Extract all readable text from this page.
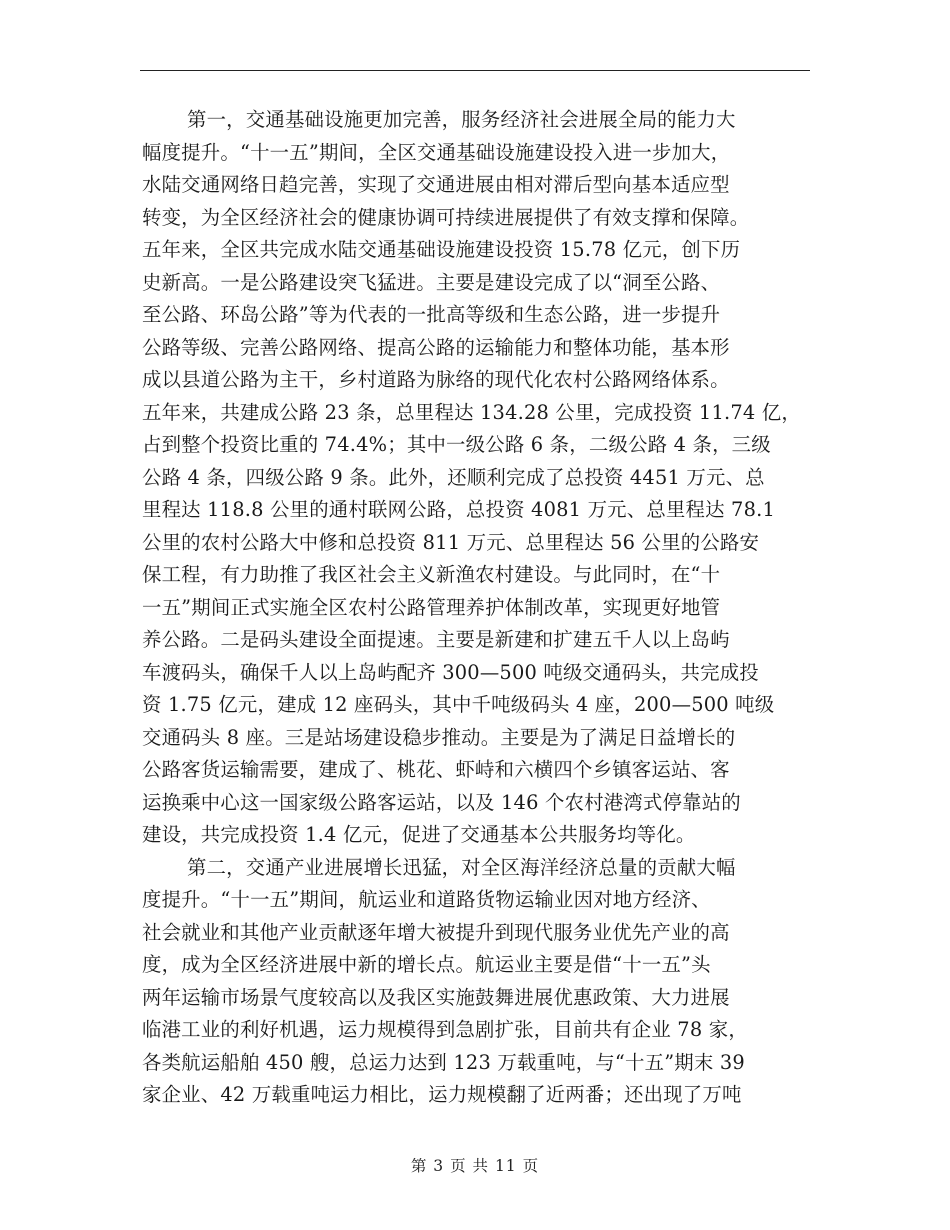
第一，交通基础设施更加完善，服务经济社会进展全局的能力大
幅度提升。“十一五”期间，全区交通基础设施建设投入进一步加大，
水陆交通网络日趋完善，实现了交通进展由相对滞后型向基本适应型
转变，为全区经济社会的健康协调可持续进展提供了有效支撑和保障。
五年来，全区共完成水陆交通基础设施建设投资 15.78 亿元，创下历
史新高。一是公路建设突飞猛进。主要是建设完成了以“洞至公路、
至公路、环岛公路”等为代表的一批高等级和生态公路，进一步提升
公路等级、完善公路网络、提高公路的运输能力和整体功能，基本形
成以县道公路为主干，乡村道路为脉络的现代化农村公路网络体系。
五年来，共建成公路 23 条，总里程达 134.28 公里，完成投资 11.74 亿，
占到整个投资比重的 74.4%；其中一级公路 6 条，二级公路 4 条，三级
公路 4 条，四级公路 9 条。此外，还顺利完成了总投资 4451 万元、总
里程达 118.8 公里的通村联网公路，总投资 4081 万元、总里程达 78.1
公里的农村公路大中修和总投资 811 万元、总里程达 56 公里的公路安
保工程，有力助推了我区社会主义新渔农村建设。与此同时，在“十
一五”期间正式实施全区农村公路管理养护体制改革，实现更好地管
养公路。二是码头建设全面提速。主要是新建和扩建五千人以上岛屿
车渡码头，确保千人以上岛屿配齐 300—500 吨级交通码头，共完成投
资 1.75 亿元，建成 12 座码头，其中千吨级码头 4 座，200—500 吨级
交通码头 8 座。三是站场建设稳步推动。主要是为了满足日益增长的
公路客货运输需要，建成了、桃花、虾峙和六横四个乡镇客运站、客
运换乘中心这一国家级公路客运站，以及 146 个农村港湾式停靠站的
建设，共完成投资 1.4 亿元，促进了交通基本公共服务均等化。
第二，交通产业进展增长迅猛，对全区海洋经济总量的贡献大幅
度提升。“十一五”期间，航运业和道路货物运输业因对地方经济、
社会就业和其他产业贡献逐年增大被提升到现代服务业优先产业的高
度，成为全区经济进展中新的增长点。航运业主要是借“十一五”头
两年运输市场景气度较高以及我区实施鼓舞进展优惠政策、大力进展
临港工业的利好机遇，运力规模得到急剧扩张，目前共有企业 78 家，
各类航运船舶 450 艘，总运力达到 123 万载重吨，与“十五”期末 39
家企业、42 万载重吨运力相比，运力规模翻了近两番；还出现了万吨
第 3 页 共 11 页
